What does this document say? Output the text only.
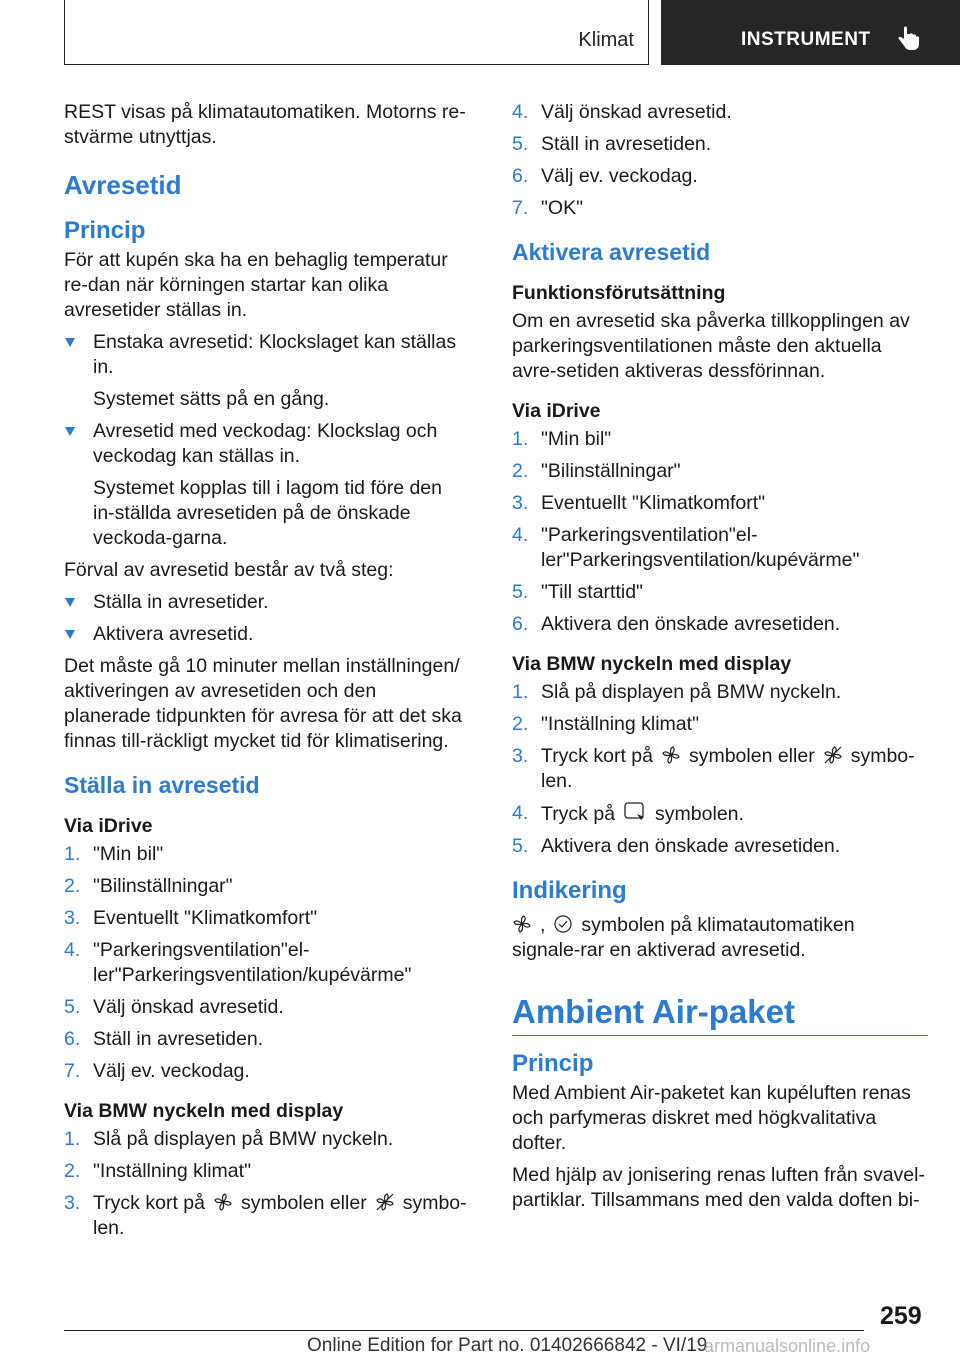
Klimat	INSTRUMENT
REST visas på klimatautomatiken. Motorns re-stvärme utnyttjas.
Avresetid
Princip
För att kupén ska ha en behaglig temperatur re-dan när körningen startar kan olika avresetider ställas in.
Enstaka avresetid: Klockslaget kan ställas in.
Systemet sätts på en gång.
Avresetid med veckodag: Klockslag och veckodag kan ställas in.
Systemet kopplas till i lagom tid före den in-ställda avresetiden på de önskade veckoda-garna.
Förval av avresetid består av två steg:
Ställa in avresetider.
Aktivera avresetid.
Det måste gå 10 minuter mellan inställningen/ aktiveringen av avresetiden och den planerade tidpunkten för avresa för att det ska finnas till-räckligt mycket tid för klimatisering.
Ställa in avresetid
Via iDrive
1. "Min bil"
2. "Bilinställningar"
3. Eventuellt "Klimatkomfort"
4. "Parkeringsventilation"el-ler"Parkeringsventilation/kupévärme"
5. Välj önskad avresetid.
6. Ställ in avresetiden.
7. Välj ev. veckodag.
Via BMW nyckeln med display
1. Slå på displayen på BMW nyckeln.
2. "Inställning klimat"
3. Tryck kort på symbolen eller symbo-len.
4. Välj önskad avresetid.
5. Ställ in avresetiden.
6. Välj ev. veckodag.
7. "OK"
Aktivera avresetid
Funktionsförutsättning
Om en avresetid ska påverka tillkopplingen av parkeringsventilationen måste den aktuella avre-setiden aktiveras dessförinnan.
Via iDrive
1. "Min bil"
2. "Bilinställningar"
3. Eventuellt "Klimatkomfort"
4. "Parkeringsventilation"el-ler"Parkeringsventilation/kupévärme"
5. "Till starttid"
6. Aktivera den önskade avresetiden.
Via BMW nyckeln med display
1. Slå på displayen på BMW nyckeln.
2. "Inställning klimat"
3. Tryck kort på symbolen eller symbo-len.
4. Tryck på symbolen.
5. Aktivera den önskade avresetiden.
Indikering
, symbolen på klimatautomatiken signale-rar en aktiverad avresetid.
Ambient Air-paket
Princip
Med Ambient Air-paketet kan kupéluften renas och parfymeras diskret med högkvalitativa dofter.
Med hjälp av jonisering renas luften från svavel-partiklar. Tillsammans med den valda doften bi-
259
Online Edition for Part no. 01402666842 - VI/19
armanualsonline.info
